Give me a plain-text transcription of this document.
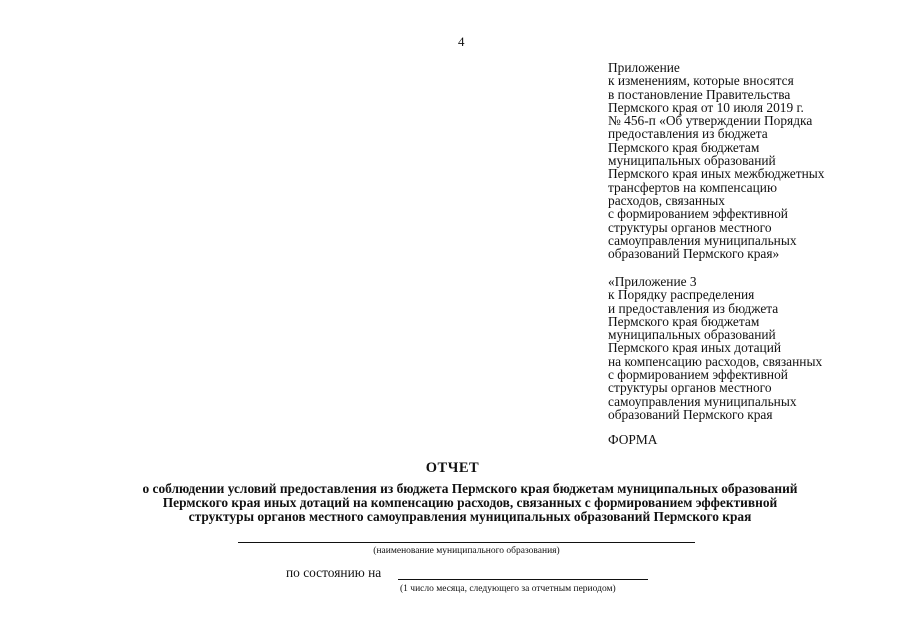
4
Приложение
к изменениям, которые вносятся
в постановление Правительства
Пермского края от 10 июля 2019 г.
№ 456-п «Об утверждении Порядка
предоставления из бюджета
Пермского края бюджетам
муниципальных образований
Пермского края иных межбюджетных
трансфертов на компенсацию
расходов, связанных
с формированием эффективной
структуры органов местного
самоуправления муниципальных
образований Пермского края»
«Приложение 3
к Порядку распределения
и предоставления из бюджета
Пермского края бюджетам
муниципальных образований
Пермского края иных дотаций
на компенсацию расходов, связанных
с формированием эффективной
структуры органов местного
самоуправления муниципальных
образований Пермского края
ФОРМА
ОТЧЕТ
о соблюдении условий предоставления из бюджета Пермского края бюджетам муниципальных образований
Пермского края иных дотаций на компенсацию расходов, связанных с формированием эффективной
структуры органов местного самоуправления муниципальных образований Пермского края
(наименование муниципального образования)
по состоянию на
(1 число месяца, следующего за отчетным периодом)
